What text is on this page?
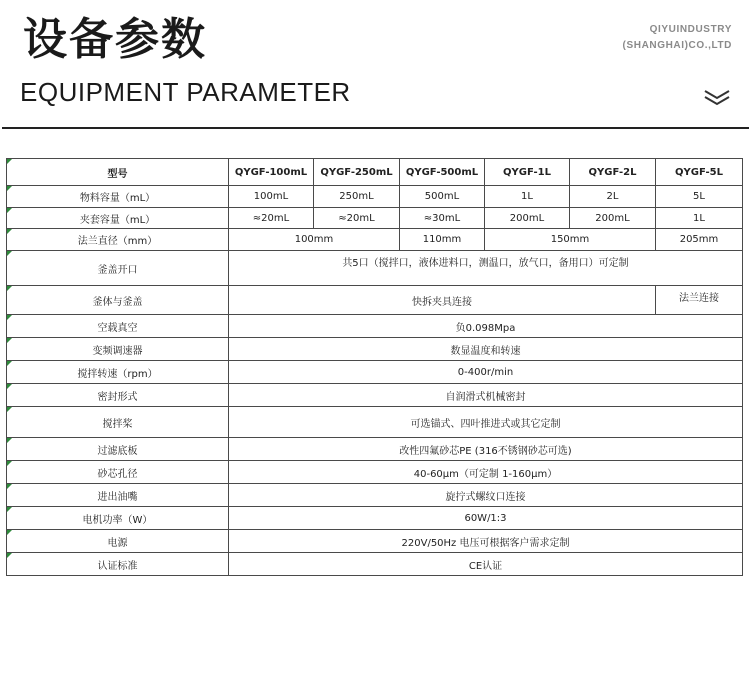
设备参数
EQUIPMENT PARAMETER
QIYUINDUSTRY
(SHANGHAI)CO.,LTD
型号	QYGF-100mL	QYGF-250mL	QYGF-500mL	QYGF-1L	QYGF-2L	QYGF-5L
物料容量（mL）	100mL	250mL	500mL	1L	2L	5L
夹套容量（mL）	≈20mL	≈20mL	≈30mL	200mL	200mL	1L
法兰直径（mm）	100mm		110mm	150mm		205mm
釜盖开口	共5口（搅拌口，液体进料口，测温口，放气口，备用口）可定制					
釜体与釜盖	快拆夹具连接					法兰连接
空载真空	负0.098Mpa					
变频调速器	数显温度和转速					
搅拌转速（rpm）	0-400r/min					
密封形式	自润滑式机械密封					
搅拌桨	可选锚式、四叶推进式或其它定制					
过滤底板	改性四氟砂芯PE (316不锈钢砂芯可选)					
砂芯孔径	40-60μm（可定制 1-160μm）					
进出油嘴	旋拧式螺纹口连接					
电机功率（W）	60W/1:3					
电源	220V/50Hz 电压可根据客户需求定制					
认证标准	CE认证					
